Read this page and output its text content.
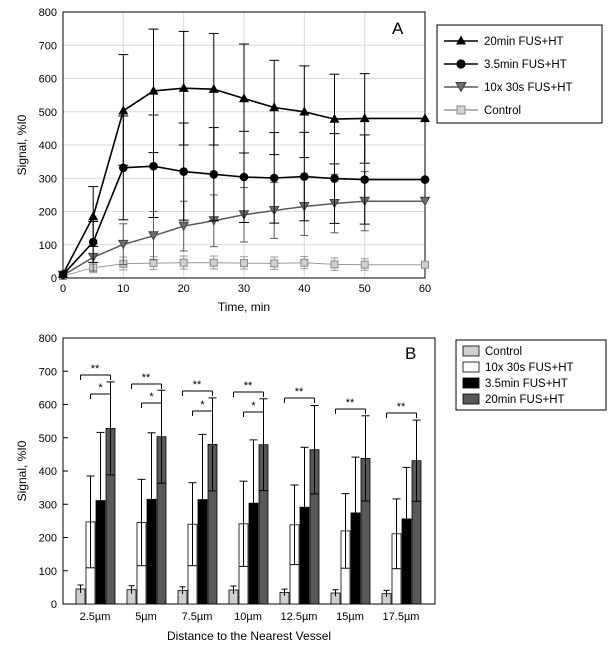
800
700
600
500
400
300
200
100
0
0	10	20	30	40	50	60
Time, min
Signal, %I0
A
20min FUS+HT
3.5min FUS+HT
10x 30s FUS+HT
Control
800
700
600
500
400
300
200
100
0
Distance to the Nearest Vessel
Signal, %I0
B
**
*
2.5µm
**
*
5µm
**
*
7.5µm
**
*
10µm
**
12.5µm
**
15µm
**
17.5µm
Control
10x 30s FUS+HT
3.5min FUS+HT
20min FUS+HT
